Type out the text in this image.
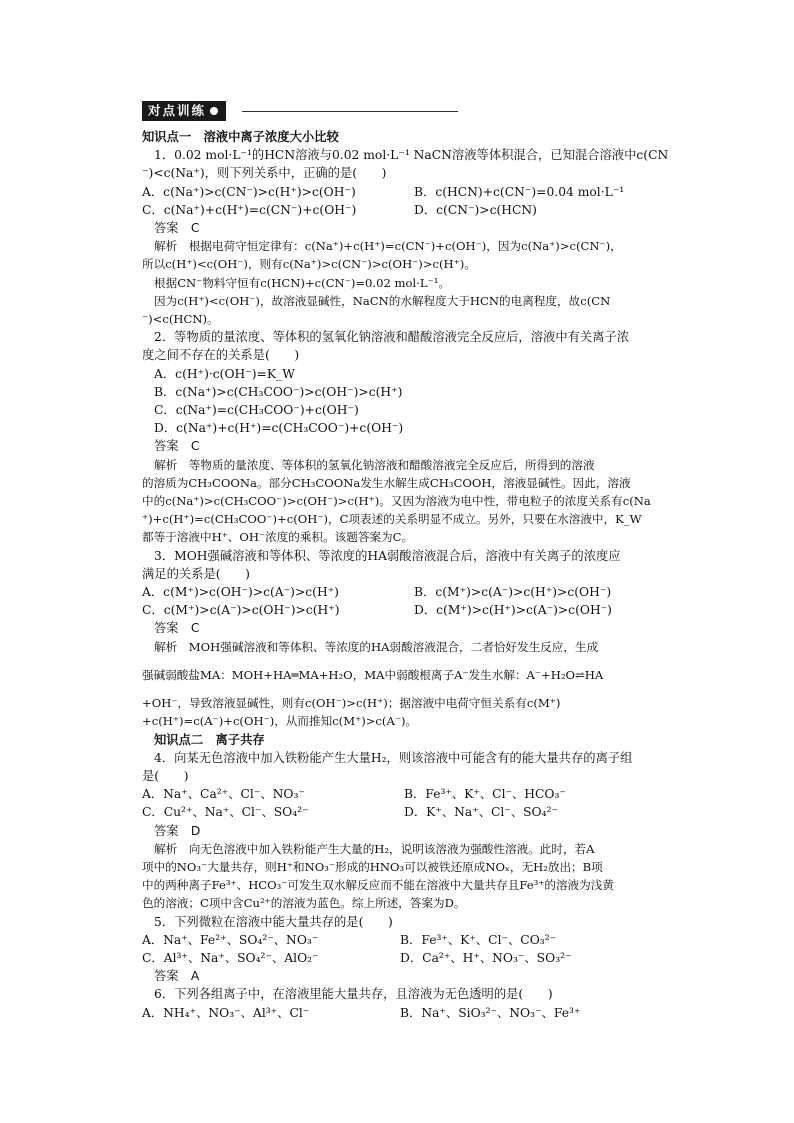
对点训练
知识点一　溶液中离子浓度大小比较
1．0.02 mol·L⁻¹的HCN溶液与0.02 mol·L⁻¹ NaCN溶液等体积混合，已知混合溶液中c(CN
⁻)<c(Na⁺)，则下列关系中，正确的是(　　)
A．c(Na⁺)>c(CN⁻)>c(H⁺)>c(OH⁻)	B．c(HCN)+c(CN⁻)=0.04 mol·L⁻¹
C．c(Na⁺)+c(H⁺)=c(CN⁻)+c(OH⁻)	D．c(CN⁻)>c(HCN)
答案　C
解析　根据电荷守恒定律有：c(Na⁺)+c(H⁺)=c(CN⁻)+c(OH⁻)，因为c(Na⁺)>c(CN⁻)，
所以c(H⁺)<c(OH⁻)，则有c(Na⁺)>c(CN⁻)>c(OH⁻)>c(H⁺)。
根据CN⁻物料守恒有c(HCN)+c(CN⁻)=0.02 mol·L⁻¹。
因为c(H⁺)<c(OH⁻)，故溶液显碱性，NaCN的水解程度大于HCN的电离程度，故c(CN
⁻)<c(HCN)。
2．等物质的量浓度、等体积的氢氧化钠溶液和醋酸溶液完全反应后，溶液中有关离子浓
度之间不存在的关系是(　　)
A．c(H⁺)·c(OH⁻)=K_W
B．c(Na⁺)>c(CH₃COO⁻)>c(OH⁻)>c(H⁺)
C．c(Na⁺)=c(CH₃COO⁻)+c(OH⁻)
D．c(Na⁺)+c(H⁺)=c(CH₃COO⁻)+c(OH⁻)
答案　C
解析　等物质的量浓度、等体积的氢氧化钠溶液和醋酸溶液完全反应后，所得到的溶液
的溶质为CH₃COONa。部分CH₃COONa发生水解生成CH₃COOH，溶液显碱性。因此，溶液
中的c(Na⁺)>c(CH₃COO⁻)>c(OH⁻)>c(H⁺)。又因为溶液为电中性，带电粒子的浓度关系有c(Na
⁺)+c(H⁺)=c(CH₃COO⁻)+c(OH⁻)，C项表述的关系明显不成立。另外，只要在水溶液中，K_W
都等于溶液中H⁺、OH⁻浓度的乘积。该题答案为C。
3．MOH强碱溶液和等体积、等浓度的HA弱酸溶液混合后，溶液中有关离子的浓度应
满足的关系是(　　)
A．c(M⁺)>c(OH⁻)>c(A⁻)>c(H⁺)	B．c(M⁺)>c(A⁻)>c(H⁺)>c(OH⁻)
C．c(M⁺)>c(A⁻)>c(OH⁻)>c(H⁺)	D．c(M⁺)>c(H⁺)>c(A⁻)>c(OH⁻)
答案　C
解析　MOH强碱溶液和等体积、等浓度的HA弱酸溶液混合，二者恰好发生反应，生成
强碱弱酸盐MA：MOH+HA═MA+H₂O，MA中弱酸根离子A⁻发生水解：A⁻+H₂O⇌HA
+OH⁻，导致溶液显碱性，则有c(OH⁻)>c(H⁺)；据溶液中电荷守恒关系有c(M⁺)
+c(H⁺)=c(A⁻)+c(OH⁻)，从而推知c(M⁺)>c(A⁻)。
知识点二　离子共存
4．向某无色溶液中加入铁粉能产生大量H₂，则该溶液中可能含有的能大量共存的离子组
是(　　)
A．Na⁺、Ca²⁺、Cl⁻、NO₃⁻	B．Fe³⁺、K⁺、Cl⁻、HCO₃⁻
C．Cu²⁺、Na⁺、Cl⁻、SO₄²⁻	D．K⁺、Na⁺、Cl⁻、SO₄²⁻
答案　D
解析　向无色溶液中加入铁粉能产生大量的H₂，说明该溶液为强酸性溶液。此时，若A
项中的NO₃⁻大量共存，则H⁺和NO₃⁻形成的HNO₃可以被铁还原成NOₓ，无H₂放出；B项
中的两种离子Fe³⁺、HCO₃⁻可发生双水解反应而不能在溶液中大量共存且Fe³⁺的溶液为浅黄
色的溶液；C项中含Cu²⁺的溶液为蓝色。综上所述，答案为D。
5．下列微粒在溶液中能大量共存的是(　　)
A．Na⁺、Fe²⁺、SO₄²⁻、NO₃⁻	B．Fe³⁺、K⁺、Cl⁻、CO₃²⁻
C．Al³⁺、Na⁺、SO₄²⁻、AlO₂⁻	D．Ca²⁺、H⁺、NO₃⁻、SO₃²⁻
答案　A
6．下列各组离子中，在溶液里能大量共存，且溶液为无色透明的是(　　)
A．NH₄⁺、NO₃⁻、Al³⁺、Cl⁻	B．Na⁺、SiO₃²⁻、NO₃⁻、Fe³⁺
